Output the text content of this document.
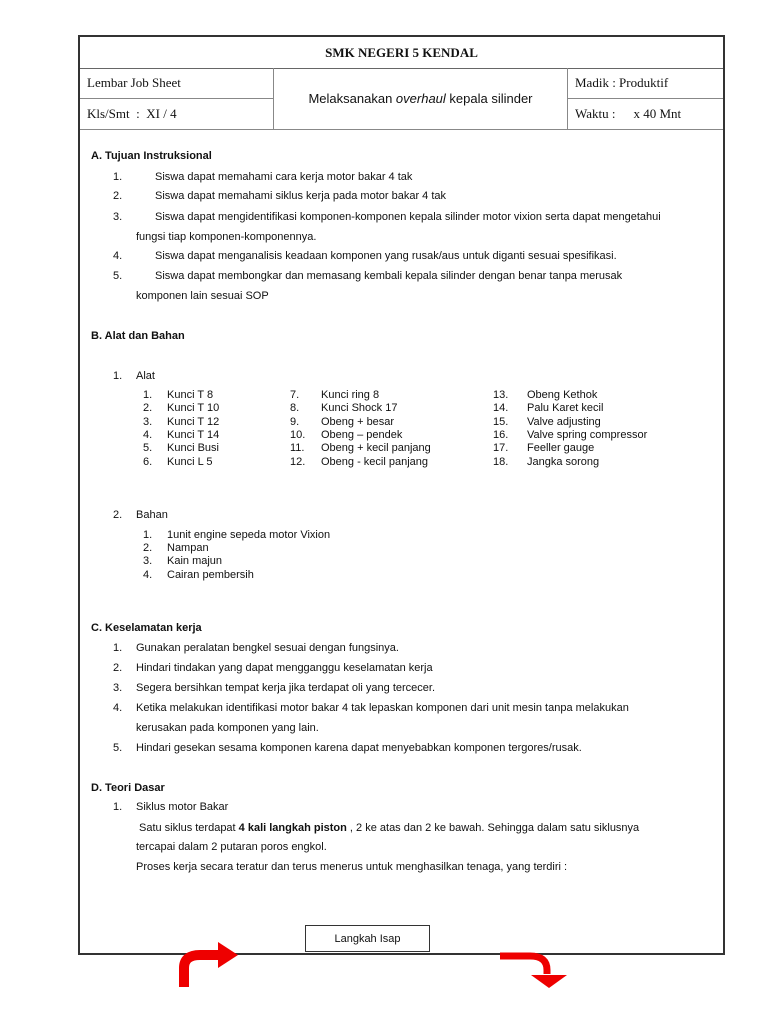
SMK NEGERI 5 KENDAL
Lembar Job Sheet
Kls/Smt  :  XI / 4
Melaksanakan overhaul kepala silinder
Madik : Produktif
Waktu : x 40 Mnt
A. Tujuan Instruksional
1.	Siswa dapat memahami cara kerja motor bakar 4 tak
2.	Siswa dapat memahami siklus kerja pada motor bakar 4 tak
3.	Siswa dapat mengidentifikasi komponen-komponen kepala silinder motor vixion serta dapat mengetahui
fungsi tiap komponen-komponennya.
4.	Siswa dapat menganalisis keadaan komponen yang rusak/aus untuk diganti sesuai spesifikasi.
5.	Siswa dapat membongkar dan memasang kembali kepala silinder dengan benar tanpa merusak
komponen lain sesuai SOP
B. Alat dan Bahan
1. Alat
1. Kunci T 8
2. Kunci T 10
3. Kunci T 12
4. Kunci T 14
5. Kunci Busi
6. Kunci L 5
7. Kunci ring 8
8. Kunci Shock 17
9. Obeng + besar
10. Obeng – pendek
11. Obeng + kecil panjang
12. Obeng - kecil panjang
13. Obeng Kethok
14. Palu Karet kecil
15. Valve adjusting
16. Valve spring compressor
17. Feeller gauge
18. Jangka sorong
2. Bahan
1. 1unit engine sepeda motor Vixion
2. Nampan
3. Kain majun
4. Cairan pembersih
C. Keselamatan kerja
1. Gunakan peralatan bengkel sesuai dengan fungsinya.
2. Hindari tindakan yang dapat mengganggu keselamatan kerja
3. Segera bersihkan tempat kerja jika terdapat oli yang tercecer.
4. Ketika melakukan identifikasi motor bakar 4 tak lepaskan komponen dari unit mesin tanpa melakukan
kerusakan pada komponen yang lain.
5. Hindari gesekan sesama komponen karena dapat menyebabkan komponen tergores/rusak.
D. Teori Dasar
1. Siklus motor Bakar
Satu siklus terdapat 4 kali langkah piston , 2 ke atas dan 2 ke bawah. Sehingga dalam satu siklusnya
tercapai dalam 2 putaran poros engkol.
Proses kerja secara teratur dan terus menerus untuk menghasilkan tenaga, yang terdiri :
Langkah Isap
